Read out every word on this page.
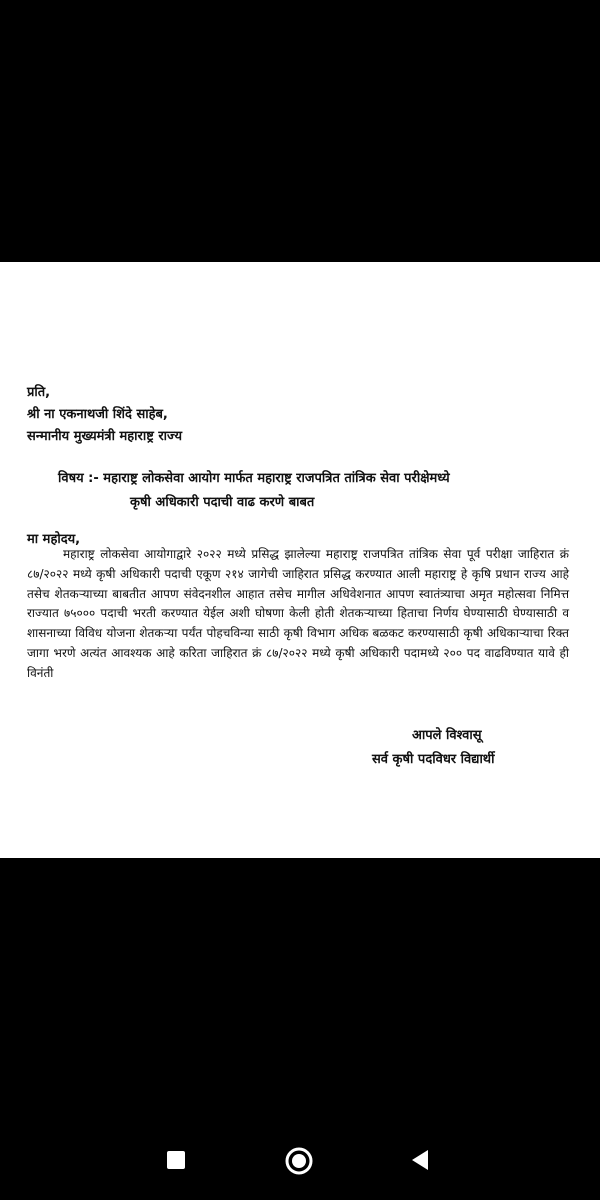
प्रति,
श्री ना एकनाथजी शिंदे साहेब,
सन्मानीय मुख्यमंत्री महाराष्ट्र राज्य
विषय :- महाराष्ट्र लोकसेवा आयोग मार्फत महाराष्ट्र राजपत्रित तांत्रिक सेवा परीक्षेमध्ये
कृषी अधिकारी पदाची वाढ करणे बाबत
मा महोदय,
महाराष्ट्र लोकसेवा आयोगाद्वारे २०२२ मध्ये प्रसिद्ध झालेल्या महाराष्ट्र राजपत्रित तांत्रिक सेवा पूर्व परीक्षा जाहिरात क्रं ८७/२०२२ मध्ये कृषी अधिकारी पदाची एकूण २१४ जागेची जाहिरात प्रसिद्ध करण्यात आली महाराष्ट्र हे कृषि प्रधान राज्य आहे तसेच शेतकऱ्याच्या बाबतीत आपण संवेदनशील आहात तसेच मागील अधिवेशनात आपण स्वातंत्र्याचा अमृत महोत्सवा निमित्त राज्यात ७५००० पदाची भरती करण्यात येईल अशी घोषणा केली होती शेतकऱ्याच्या हिताचा निर्णय घेण्यासाठी घेण्यासाठी व शासनाच्या विविध योजना शेतकऱ्या पर्यंत पोहचविन्या साठी कृषी विभाग अधिक बळकट करण्यासाठी कृषी अधिकाऱ्याचा रिक्त जागा भरणे अत्यंत आवश्यक आहे करिता जाहिरात क्रं ८७/२०२२ मध्ये कृषी अधिकारी पदामध्ये २०० पद वाढविण्यात यावे ही विनंती
आपले विश्वासू
सर्व कृषी पदविधर विद्यार्थी
